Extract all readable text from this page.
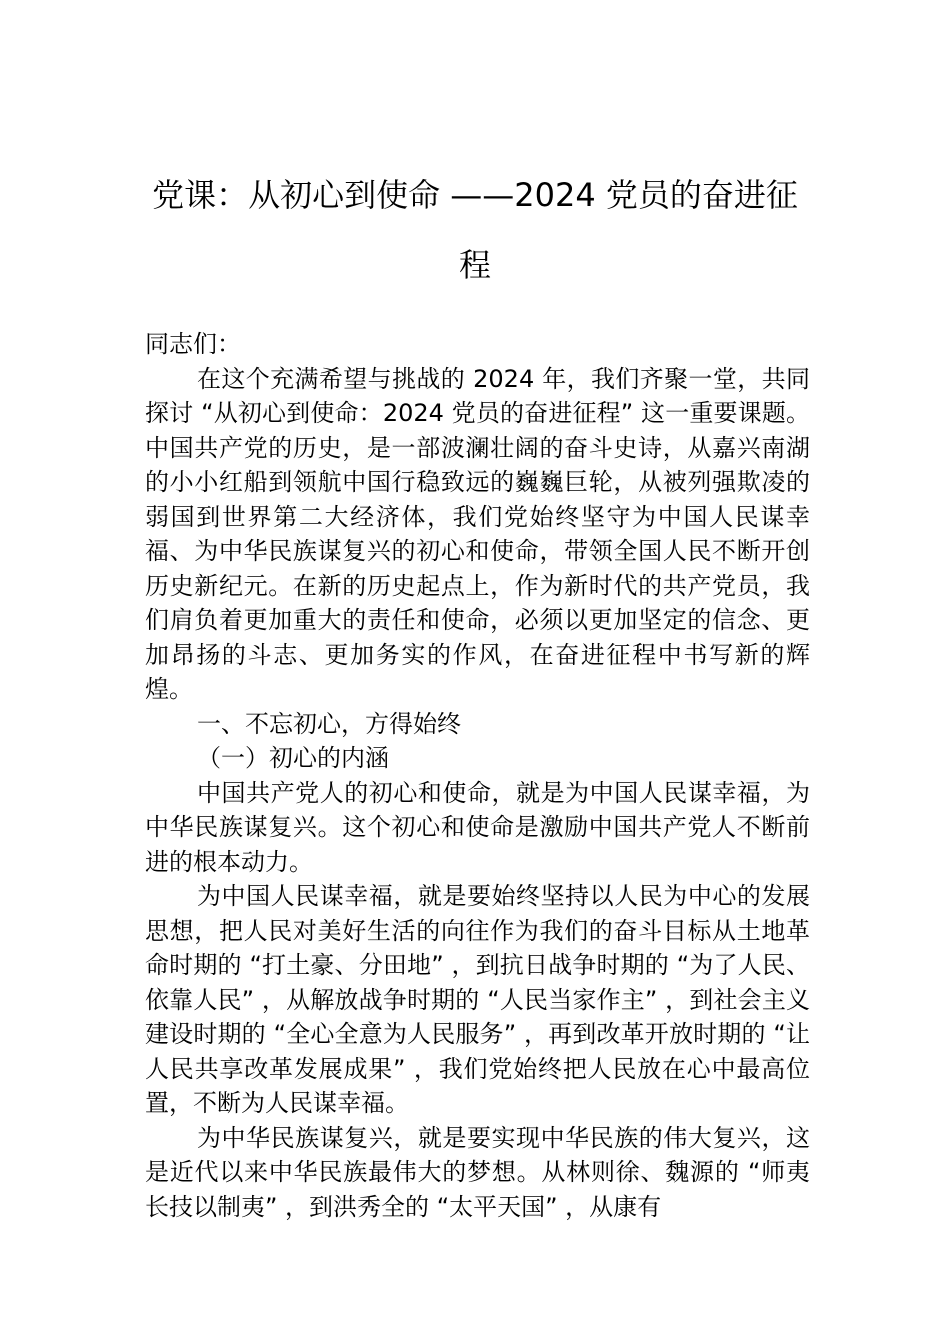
党课：从初心到使命 ——2024 党员的奋进征程

同志们：

在这个充满希望与挑战的 2024 年，我们齐聚一堂，共同探讨 “从初心到使命：2024 党员的奋进征程” 这一重要课题。中国共产党的历史，是一部波澜壮阔的奋斗史诗，从嘉兴南湖的小小红船到领航中国行稳致远的巍巍巨轮，从被列强欺凌的弱国到世界第二大经济体，我们党始终坚守为中国人民谋幸福、为中华民族谋复兴的初心和使命，带领全国人民不断开创历史新纪元。在新的历史起点上，作为新时代的共产党员，我们肩负着更加重大的责任和使命，必须以更加坚定的信念、更加昂扬的斗志、更加务实的作风，在奋进征程中书写新的辉煌。

一、不忘初心，方得始终

（一）初心的内涵

中国共产党人的初心和使命，就是为中国人民谋幸福，为中华民族谋复兴。这个初心和使命是激励中国共产党人不断前进的根本动力。

为中国人民谋幸福，就是要始终坚持以人民为中心的发展思想，把人民对美好生活的向往作为我们的奋斗目标从土地革命时期的 “打土豪、分田地” ，到抗日战争时期的 “为了人民、依靠人民” ，从解放战争时期的 “人民当家作主” ，到社会主义建设时期的 “全心全意为人民服务” ，再到改革开放时期的 “让人民共享改革发展成果” ，我们党始终把人民放在心中最高位置，不断为人民谋幸福。

为中华民族谋复兴，就是要实现中华民族的伟大复兴，这是近代以来中华民族最伟大的梦想。从林则徐、魏源的 “师夷长技以制夷” ，到洪秀全的 “太平天国” ，从康有
